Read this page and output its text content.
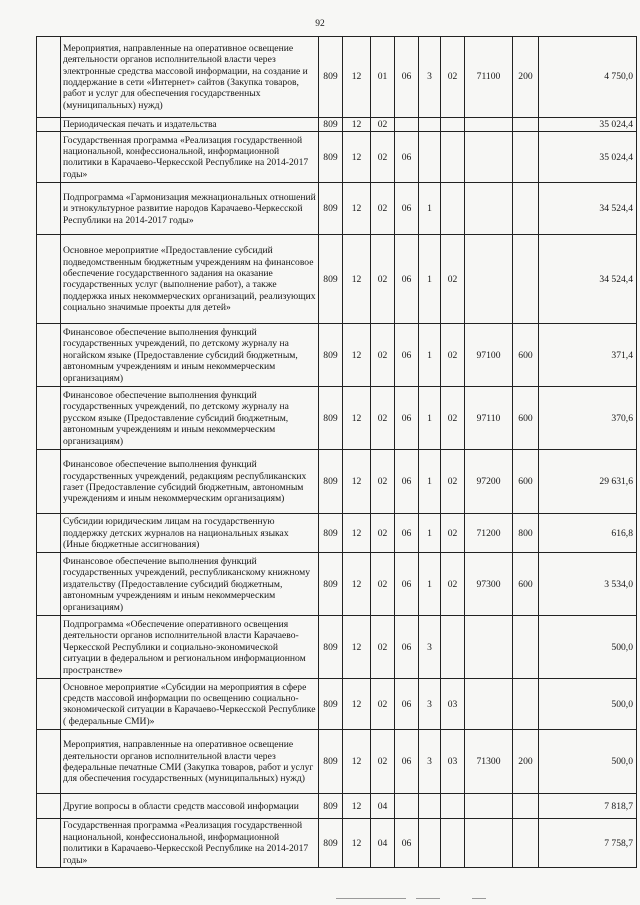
92
	Мероприятия, направленные на оперативное освещение деятельности органов исполнительной власти через электронные средства массовой информации, на создание и поддержание в сети «Интернет» сайтов (Закупка товаров, работ и услуг для обеспечения государственных (муниципальных) нужд)	809	12	01	06	3	02	71100	200	4 750,0
	Периодическая печать и издательства	809	12	02						35 024,4
	Государственная программа «Реализация государственной национальной, конфессиональной, информационной политики в Карачаево-Черкесской Республике на 2014-2017 годы»	809	12	02	06					35 024,4
	Подпрограмма «Гармонизация межнациональных отношений и этнокультурное развитие народов Карачаево-Черкесской Республики на 2014-2017 годы»	809	12	02	06	1				34 524,4
	Основное мероприятие «Предоставление субсидий подведомственным бюджетным учреждениям на финансовое обеспечение государственного задания на оказание государственных услуг (выполнение работ), а также поддержка иных некоммерческих организаций, реализующих социально значимые проекты для детей»	809	12	02	06	1	02			34 524,4
	Финансовое обеспечение выполнения функций государственных учреждений, по детскому журналу на ногайском языке (Предоставление субсидий бюджетным, автономным учреждениям и иным некоммерческим организациям)	809	12	02	06	1	02	97100	600	371,4
	Финансовое обеспечение выполнения функций государственных учреждений, по детскому журналу на русском языке (Предоставление субсидий бюджетным, автономным учреждениям и иным некоммерческим организациям)	809	12	02	06	1	02	97110	600	370,6
	Финансовое обеспечение выполнения функций государственных учреждений, редакциям республиканских газет (Предоставление субсидий бюджетным, автономным учреждениям и иным некоммерческим организациям)	809	12	02	06	1	02	97200	600	29 631,6
	Субсидии юридическим лицам на государственную поддержку детских журналов на национальных языках (Иные бюджетные ассигнования)	809	12	02	06	1	02	71200	800	616,8
	Финансовое обеспечение выполнения функций государственных учреждений, республиканскому книжному издательству (Предоставление субсидий бюджетным, автономным учреждениям и иным некоммерческим организациям)	809	12	02	06	1	02	97300	600	3 534,0
	Подпрограмма «Обеспечение оперативного освещения деятельности органов исполнительной власти Карачаево-Черкесской Республики и социально-экономической ситуации в федеральном и региональном информационном пространстве»	809	12	02	06	3				500,0
	Основное мероприятие «Субсидии на мероприятия в сфере средств массовой информации по освещению социально-экономической ситуации в Карачаево-Черкесской Республике ( федеральные СМИ)»	809	12	02	06	3	03			500,0
	Мероприятия, направленные на оперативное освещение деятельности органов исполнительной власти через федеральные печатные СМИ (Закупка товаров, работ и услуг для обеспечения государственных (муниципальных) нужд)	809	12	02	06	3	03	71300	200	500,0
	Другие вопросы в области средств массовой информации	809	12	04						7 818,7
	Государственная программа «Реализация государственной национальной, конфессиональной, информационной политики в Карачаево-Черкесской Республике на 2014-2017 годы»	809	12	04	06					7 758,7
